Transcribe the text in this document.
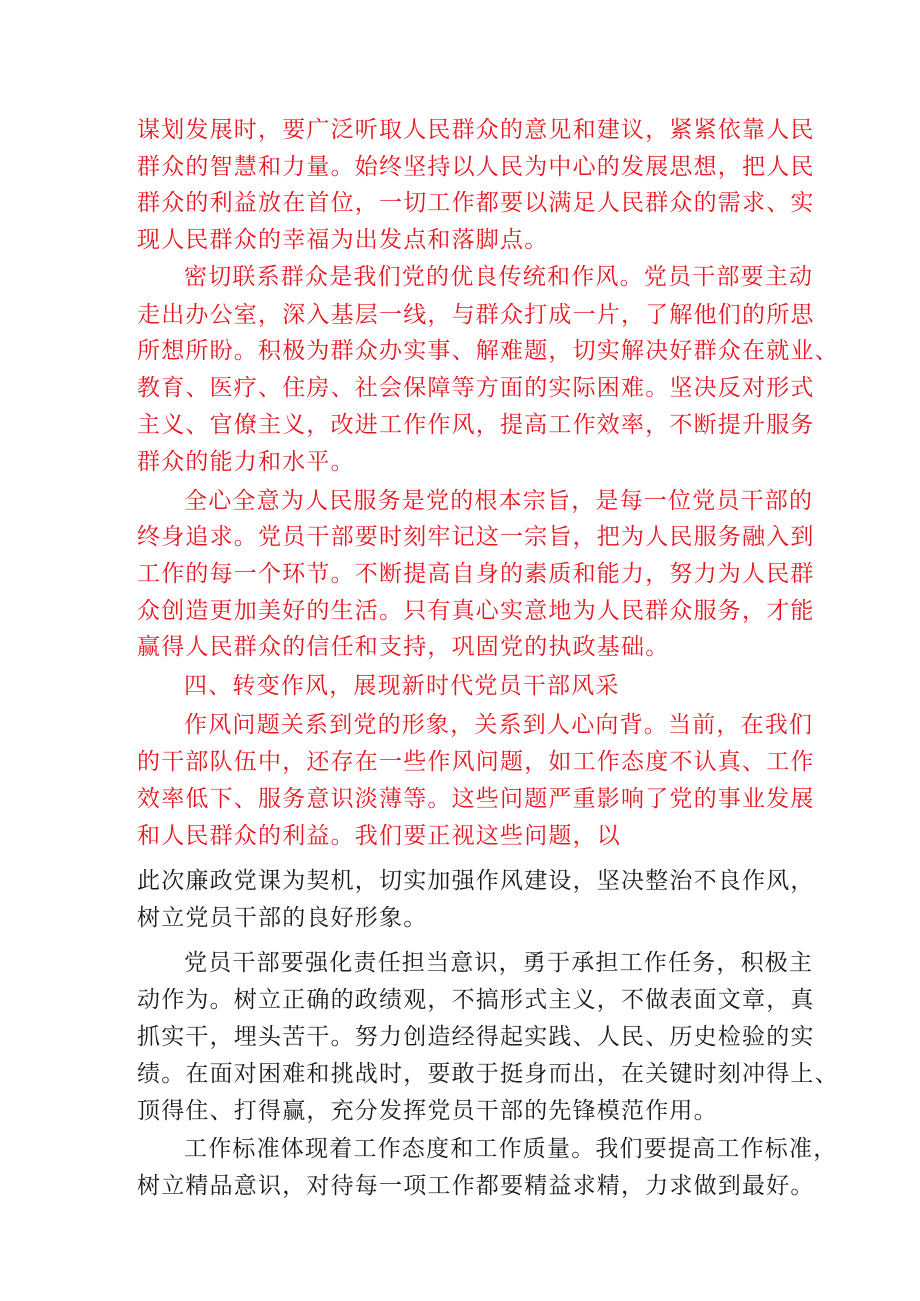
谋划发展时，要广泛听取人民群众的意见和建议，紧紧依靠人民
群众的智慧和力量。始终坚持以人民为中心的发展思想，把人民
群众的利益放在首位，一切工作都要以满足人民群众的需求、实
现人民群众的幸福为出发点和落脚点。
密切联系群众是我们党的优良传统和作风。党员干部要主动
走出办公室，深入基层一线，与群众打成一片，了解他们的所思
所想所盼。积极为群众办实事、解难题，切实解决好群众在就业、
教育、医疗、住房、社会保障等方面的实际困难。坚决反对形式
主义、官僚主义，改进工作作风，提高工作效率，不断提升服务
群众的能力和水平。
全心全意为人民服务是党的根本宗旨，是每一位党员干部的
终身追求。党员干部要时刻牢记这一宗旨，把为人民服务融入到
工作的每一个环节。不断提高自身的素质和能力，努力为人民群
众创造更加美好的生活。只有真心实意地为人民群众服务，才能
赢得人民群众的信任和支持，巩固党的执政基础。
四、转变作风，展现新时代党员干部风采
作风问题关系到党的形象，关系到人心向背。当前，在我们
的干部队伍中，还存在一些作风问题，如工作态度不认真、工作
效率低下、服务意识淡薄等。这些问题严重影响了党的事业发展
和人民群众的利益。我们要正视这些问题，以
此次廉政党课为契机，切实加强作风建设，坚决整治不良作风，
树立党员干部的良好形象。
党员干部要强化责任担当意识，勇于承担工作任务，积极主
动作为。树立正确的政绩观，不搞形式主义，不做表面文章，真
抓实干，埋头苦干。努力创造经得起实践、人民、历史检验的实
绩。在面对困难和挑战时，要敢于挺身而出，在关键时刻冲得上、
顶得住、打得赢，充分发挥党员干部的先锋模范作用。
工作标准体现着工作态度和工作质量。我们要提高工作标准，
树立精品意识，对待每一项工作都要精益求精，力求做到最好。
